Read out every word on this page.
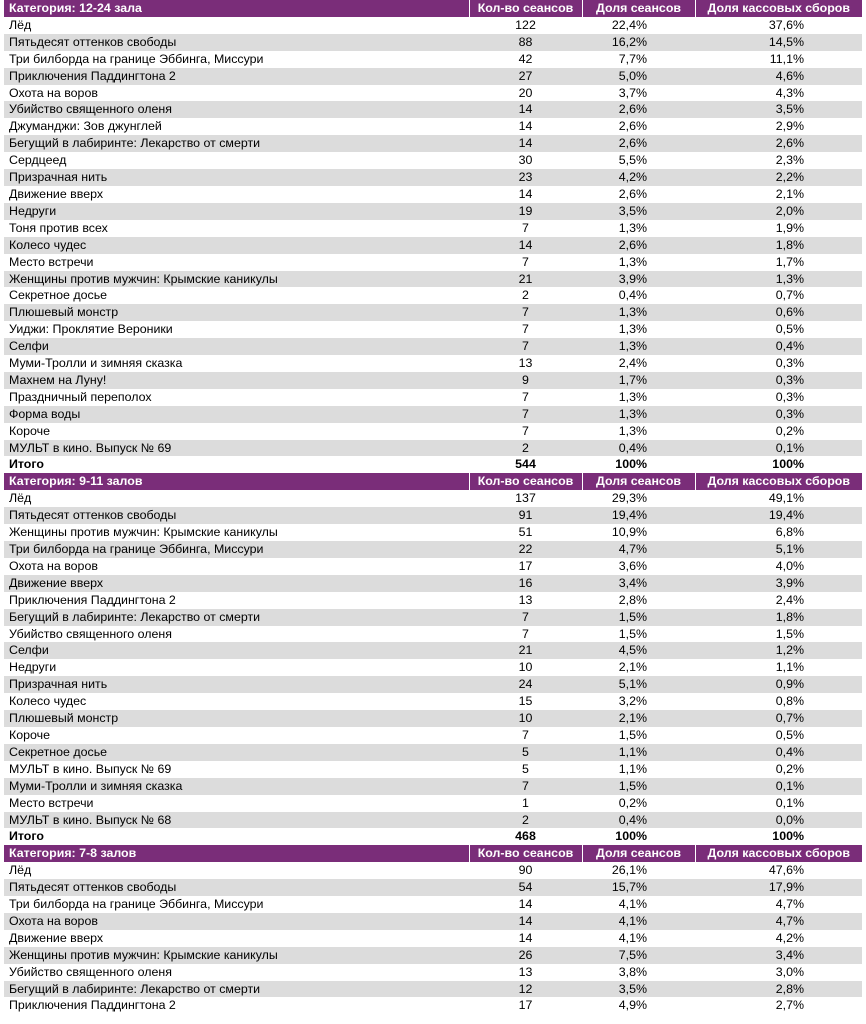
Категория: 12-24 зала	Кол-во сеансов	Доля сеансов	Доля кассовых сборов
Лёд	122	22,4%	37,6%
Пятьдесят оттенков свободы	88	16,2%	14,5%
Три билборда на границе Эббинга, Миссури	42	7,7%	11,1%
Приключения Паддингтона 2	27	5,0%	4,6%
Охота на воров	20	3,7%	4,3%
Убийство священного оленя	14	2,6%	3,5%
Джуманджи: Зов джунглей	14	2,6%	2,9%
Бегущий в лабиринте: Лекарство от смерти	14	2,6%	2,6%
Сердцеед	30	5,5%	2,3%
Призрачная нить	23	4,2%	2,2%
Движение вверх	14	2,6%	2,1%
Недруги	19	3,5%	2,0%
Тоня против всех	7	1,3%	1,9%
Колесо чудес	14	2,6%	1,8%
Место встречи	7	1,3%	1,7%
Женщины против мужчин: Крымские каникулы	21	3,9%	1,3%
Секретное досье	2	0,4%	0,7%
Плюшевый монстр	7	1,3%	0,6%
Уиджи: Проклятие Вероники	7	1,3%	0,5%
Селфи	7	1,3%	0,4%
Муми-Тролли и зимняя сказка	13	2,4%	0,3%
Махнем на Луну!	9	1,7%	0,3%
Праздничный переполох	7	1,3%	0,3%
Форма воды	7	1,3%	0,3%
Короче	7	1,3%	0,2%
МУЛЬТ в кино. Выпуск № 69	2	0,4%	0,1%
Итого	544	100%	100%
Категория: 9-11 залов	Кол-во сеансов	Доля сеансов	Доля кассовых сборов
Лёд	137	29,3%	49,1%
Пятьдесят оттенков свободы	91	19,4%	19,4%
Женщины против мужчин: Крымские каникулы	51	10,9%	6,8%
Три билборда на границе Эббинга, Миссури	22	4,7%	5,1%
Охота на воров	17	3,6%	4,0%
Движение вверх	16	3,4%	3,9%
Приключения Паддингтона 2	13	2,8%	2,4%
Бегущий в лабиринте: Лекарство от смерти	7	1,5%	1,8%
Убийство священного оленя	7	1,5%	1,5%
Селфи	21	4,5%	1,2%
Недруги	10	2,1%	1,1%
Призрачная нить	24	5,1%	0,9%
Колесо чудес	15	3,2%	0,8%
Плюшевый монстр	10	2,1%	0,7%
Короче	7	1,5%	0,5%
Секретное досье	5	1,1%	0,4%
МУЛЬТ в кино. Выпуск № 69	5	1,1%	0,2%
Муми-Тролли и зимняя сказка	7	1,5%	0,1%
Место встречи	1	0,2%	0,1%
МУЛЬТ в кино. Выпуск № 68	2	0,4%	0,0%
Итого	468	100%	100%
Категория: 7-8 залов	Кол-во сеансов	Доля сеансов	Доля кассовых сборов
Лёд	90	26,1%	47,6%
Пятьдесят оттенков свободы	54	15,7%	17,9%
Три билборда на границе Эббинга, Миссури	14	4,1%	4,7%
Охота на воров	14	4,1%	4,7%
Движение вверх	14	4,1%	4,2%
Женщины против мужчин: Крымские каникулы	26	7,5%	3,4%
Убийство священного оленя	13	3,8%	3,0%
Бегущий в лабиринте: Лекарство от смерти	12	3,5%	2,8%
Приключения Паддингтона 2	17	4,9%	2,7%
